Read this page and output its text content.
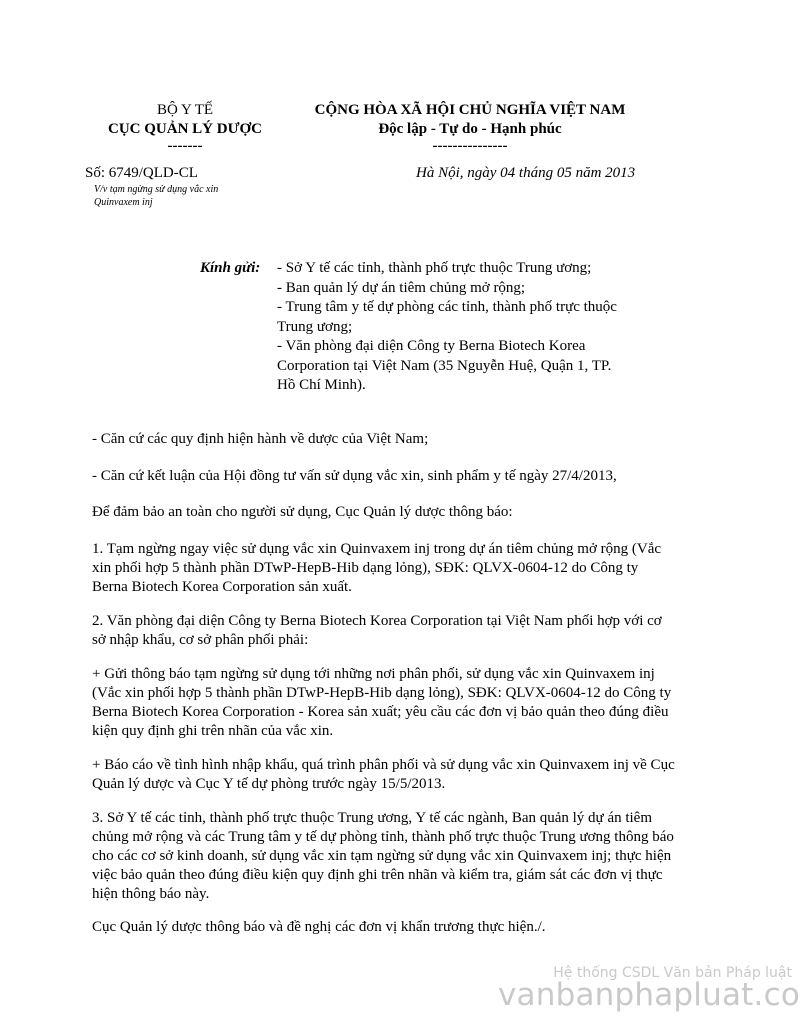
BỘ Y TẾ
CỤC QUẢN LÝ DƯỢC
-------
CỘNG HÒA XÃ HỘI CHỦ NGHĨA VIỆT NAM
Độc lập - Tự do - Hạnh phúc
---------------
Số: 6749/QLD-CL
V/v tạm ngừng sử dụng vắc xin
Quinvaxem inj
Hà Nội, ngày 04 tháng 05 năm 2013
Kính gửi: - Sở Y tế các tỉnh, thành phố trực thuộc Trung ương;
- Ban quản lý dự án tiêm chủng mở rộng;
- Trung tâm y tế dự phòng các tỉnh, thành phố trực thuộc
Trung ương;
- Văn phòng đại diện Công ty Berna Biotech Korea
Corporation tại Việt Nam (35 Nguyễn Huệ, Quận 1, TP.
Hồ Chí Minh).
- Căn cứ các quy định hiện hành về dược của Việt Nam;
- Căn cứ kết luận của Hội đồng tư vấn sử dụng vắc xin, sinh phẩm y tế ngày 27/4/2013,
Để đảm bảo an toàn cho người sử dụng, Cục Quản lý dược thông báo:
1. Tạm ngừng ngay việc sử dụng vắc xin Quinvaxem inj trong dự án tiêm chủng mở rộng (Vắc
xin phối hợp 5 thành phần DTwP-HepB-Hib dạng lỏng), SĐK: QLVX-0604-12 do Công ty
Berna Biotech Korea Corporation sản xuất.
2. Văn phòng đại diện Công ty Berna Biotech Korea Corporation tại Việt Nam phối hợp với cơ
sở nhập khẩu, cơ sở phân phối phải:
+ Gửi thông báo tạm ngừng sử dụng tới những nơi phân phối, sử dụng vắc xin Quinvaxem inj
(Vắc xin phối hợp 5 thành phần DTwP-HepB-Hib dạng lỏng), SĐK: QLVX-0604-12 do Công ty
Berna Biotech Korea Corporation - Korea sản xuất; yêu cầu các đơn vị bảo quản theo đúng điều
kiện quy định ghi trên nhãn của vắc xin.
+ Báo cáo về tình hình nhập khẩu, quá trình phân phối và sử dụng vắc xin Quinvaxem inj về Cục
Quản lý dược và Cục Y tế dự phòng trước ngày 15/5/2013.
3. Sở Y tế các tỉnh, thành phố trực thuộc Trung ương, Y tế các ngành, Ban quản lý dự án tiêm
chủng mở rộng và các Trung tâm y tế dự phòng tỉnh, thành phố trực thuộc Trung ương thông báo
cho các cơ sở kinh doanh, sử dụng vắc xin tạm ngừng sử dụng vắc xin Quinvaxem inj; thực hiện
việc bảo quản theo đúng điều kiện quy định ghi trên nhãn và kiểm tra, giám sát các đơn vị thực
hiện thông báo này.
Cục Quản lý dược thông báo và đề nghị các đơn vị khẩn trương thực hiện./.
Hệ thống CSDL Văn bản Pháp luật
vanbanphapluat.co
